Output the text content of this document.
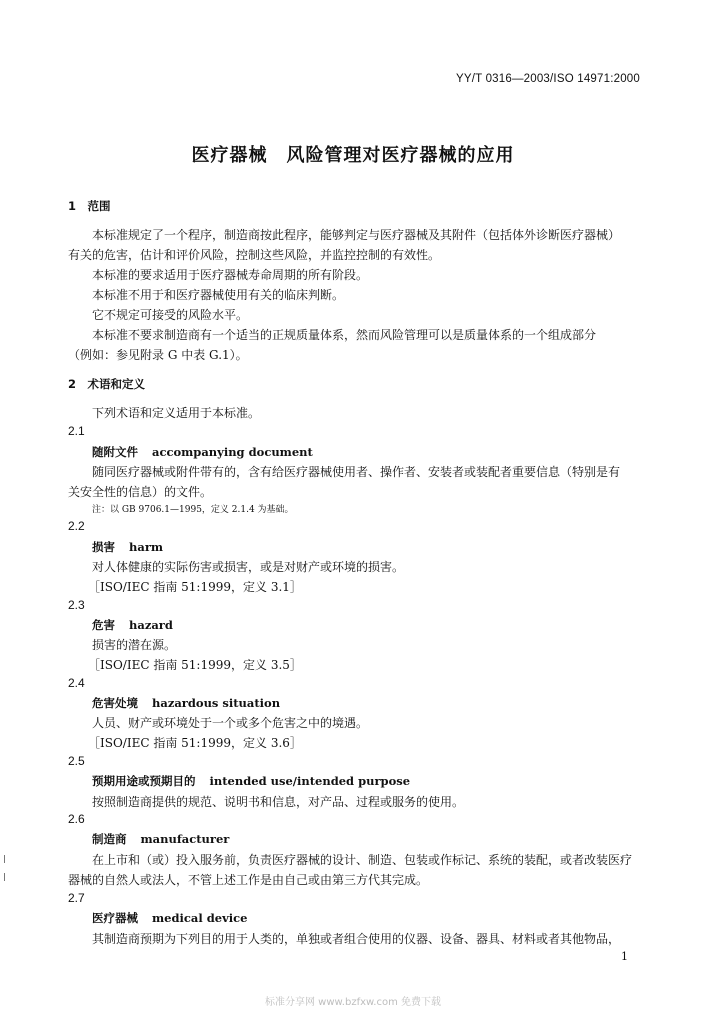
YY/T 0316—2003/ISO 14971:2000
医疗器械　风险管理对医疗器械的应用
1　范围
本标准规定了一个程序，制造商按此程序，能够判定与医疗器械及其附件（包括体外诊断医疗器械）
有关的危害，估计和评价风险，控制这些风险，并监控控制的有效性。
本标准的要求适用于医疗器械寿命周期的所有阶段。
本标准不用于和医疗器械使用有关的临床判断。
它不规定可接受的风险水平。
本标准不要求制造商有一个适当的正规质量体系，然而风险管理可以是质量体系的一个组成部分
（例如：参见附录 G 中表 G.1）。
2　术语和定义
下列术语和定义适用于本标准。
2.1
随附文件 accompanying document
随同医疗器械或附件带有的，含有给医疗器械使用者、操作者、安装者或装配者重要信息（特别是有
关安全性的信息）的文件。
注：以 GB 9706.1—1995，定义 2.1.4 为基础。
2.2
损害 harm
对人体健康的实际伤害或损害，或是对财产或环境的损害。
［ISO/IEC 指南 51:1999，定义 3.1］
2.3
危害 hazard
损害的潜在源。
［ISO/IEC 指南 51:1999，定义 3.5］
2.4
危害处境 hazardous situation
人员、财产或环境处于一个或多个危害之中的境遇。
［ISO/IEC 指南 51:1999，定义 3.6］
2.5
预期用途或预期目的 intended use/intended purpose
按照制造商提供的规范、说明书和信息，对产品、过程或服务的使用。
2.6
制造商 manufacturer
在上市和（或）投入服务前，负责医疗器械的设计、制造、包装或作标记、系统的装配，或者改装医疗
器械的自然人或法人，不管上述工作是由自己或由第三方代其完成。
2.7
医疗器械 medical device
其制造商预期为下列目的用于人类的，单独或者组合使用的仪器、设备、器具、材料或者其他物品，
1
标准分享网 www.bzfxw.com 免费下载
